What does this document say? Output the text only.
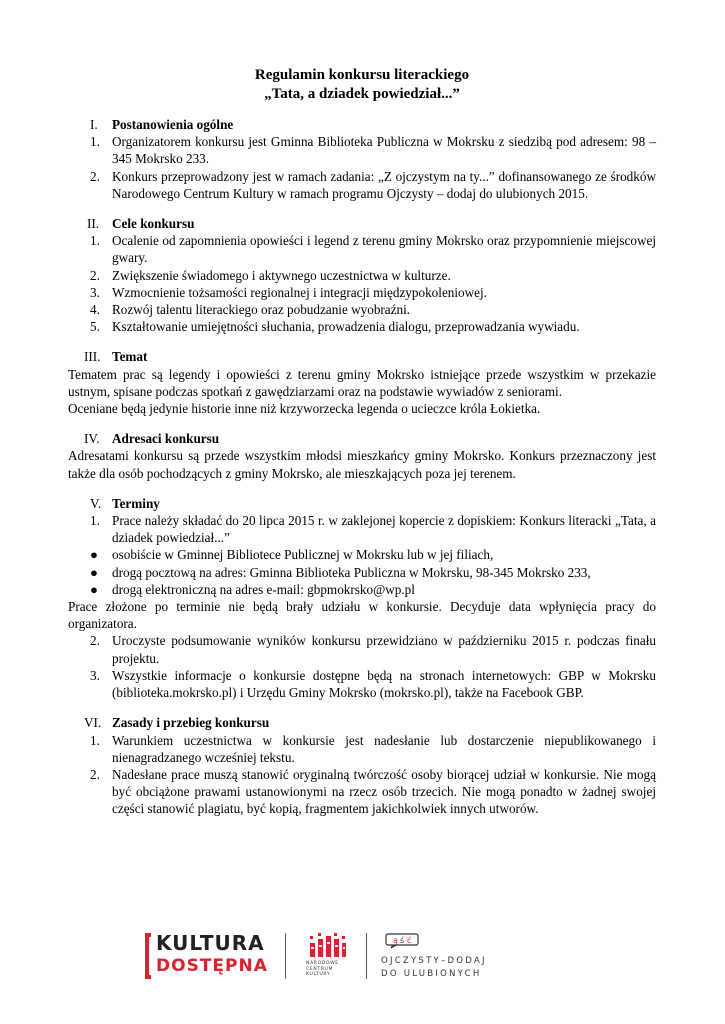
Regulamin konkursu literackiego

„Tata, a dziadek powiedział...”

I. Postanowienia ogólne
1. Organizatorem konkursu jest Gminna Biblioteka Publiczna w Mokrsku z siedzibą pod adresem: 98 – 345 Mokrsko 233.
2. Konkurs przeprowadzony jest w ramach zadania: „Z ojczystym na ty...” dofinansowanego ze środków Narodowego Centrum Kultury w ramach programu Ojczysty – dodaj do ulubionych 2015.
II. Cele konkursu
1. Ocalenie od zapomnienia opowieści i legend z terenu gminy Mokrsko oraz przypomnienie miejscowej gwary.
2. Zwiększenie świadomego i aktywnego uczestnictwa w kulturze.
3. Wzmocnienie tożsamości regionalnej i integracji międzypokoleniowej.
4. Rozwój talentu literackiego oraz pobudzanie wyobraźni.
5. Kształtowanie umiejętności słuchania, prowadzenia dialogu, przeprowadzania wywiadu.
III. Temat
Tematem prac są legendy i opowieści z terenu gminy Mokrsko istniejące przede wszystkim w przekazie ustnym, spisane podczas spotkań z gawędziarzami oraz na podstawie wywiadów z seniorami.
Oceniane będą jedynie historie inne niż krzyworzecka legenda o ucieczce króla Łokietka.
IV. Adresaci konkursu
Adresatami konkursu są przede wszystkim młodsi mieszkańcy gminy Mokrsko. Konkurs przeznaczony jest także dla osób pochodzących z gminy Mokrsko, ale mieszkających poza jej terenem.
V. Terminy
1. Prace należy składać do 20 lipca 2015 r. w zaklejonej kopercie z dopiskiem: Konkurs literacki „Tata, a dziadek powiedział...”
● osobiście w Gminnej Bibliotece Publicznej w Mokrsku lub w jej filiach,
● drogą pocztową na adres: Gminna Biblioteka Publiczna w Mokrsku, 98-345 Mokrsko 233,
● drogą elektroniczną na adres e-mail: gbpmokrsko@wp.pl
Prace złożone po terminie nie będą brały udziału w konkursie. Decyduje data wpłynięcia pracy do organizatora.
2. Uroczyste podsumowanie wyników konkursu przewidziano w październiku 2015 r. podczas finału projektu.
3. Wszystkie informacje o konkursie dostępne będą na stronach internetowych: GBP w Mokrsku (biblioteka.mokrsko.pl) i Urzędu Gminy Mokrsko (mokrsko.pl), także na Facebook GBP.
VI. Zasady i przebieg konkursu
1. Warunkiem uczestnictwa w konkursie jest nadesłanie lub dostarczenie niepublikowanego i nienagradzanego wcześniej tekstu.
2. Nadesłane prace muszą stanowić oryginalną twórczość osoby biorącej udział w konkursie. Nie mogą być obciążone prawami ustanowionymi na rzecz osób trzecich. Nie mogą ponadto w żadnej swojej części stanowić plagiatu, być kopią, fragmentem jakichkolwiek innych utworów.
KULTURA
DOSTĘPNA	NARODOWE CENTRUM KULTURY
ą ś ć
OJCZYSTY–DODAJ
DO ULUBIONYCH
